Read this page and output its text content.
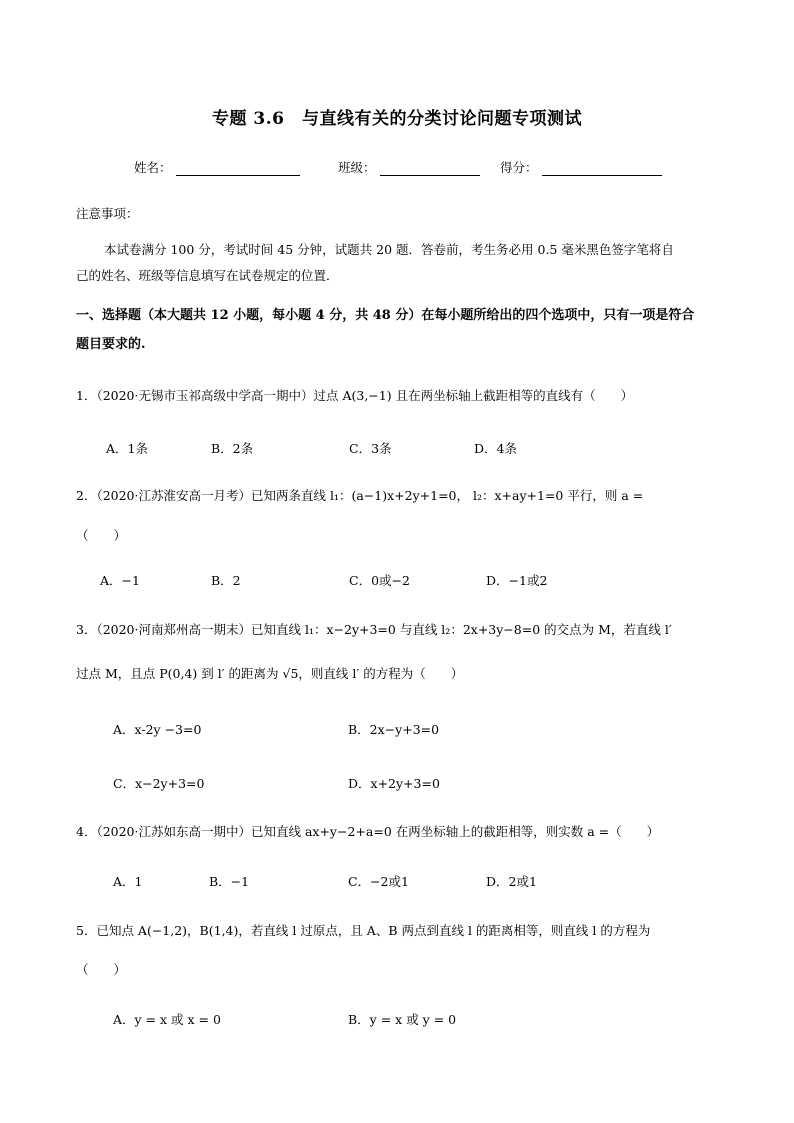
专题 3.6　与直线有关的分类讨论问题专项测试
姓名：	班级：	得分：
注意事项：
本试卷满分 100 分，考试时间 45 分钟，试题共 20 题．答卷前，考生务必用 0.5 毫米黑色签字笔将自
己的姓名、班级等信息填写在试卷规定的位置．
一、选择题（本大题共 12 小题，每小题 4 分，共 48 分）在每小题所给出的四个选项中，只有一项是符合
题目要求的.
1．（2020·无锡市玉祁高级中学高一期中）过点 A(3,−1) 且在两坐标轴上截距相等的直线有（　　）
A．1条	B．2条	C．3条	D．4条
2．（2020·江苏淮安高一月考）已知两条直线 l₁：(a−1)x+2y+1=0， l₂：x+ay+1=0 平行，则 a =
（　　）
A．−1	B．2	C．0或−2	D．−1或2
3．（2020·河南郑州高一期末）已知直线 l₁：x−2y+3=0 与直线 l₂：2x+3y−8=0 的交点为 M，若直线 l′
过点 M，且点 P(0,4) 到 l′ 的距离为 √5，则直线 l′ 的方程为（　　）
A．x-2y −3=0	B．2x−y+3=0
C．x−2y+3=0	D．x+2y+3=0
4．（2020·江苏如东高一期中）已知直线 ax+y−2+a=0 在两坐标轴上的截距相等，则实数 a =（　　）
A．1	B．−1	C．−2或1	D．2或1
5．已知点 A(−1,2)，B(1,4)，若直线 l 过原点，且 A、B 两点到直线 l 的距离相等，则直线 l 的方程为
（　　）
A．y = x 或 x = 0	B．y = x 或 y = 0
